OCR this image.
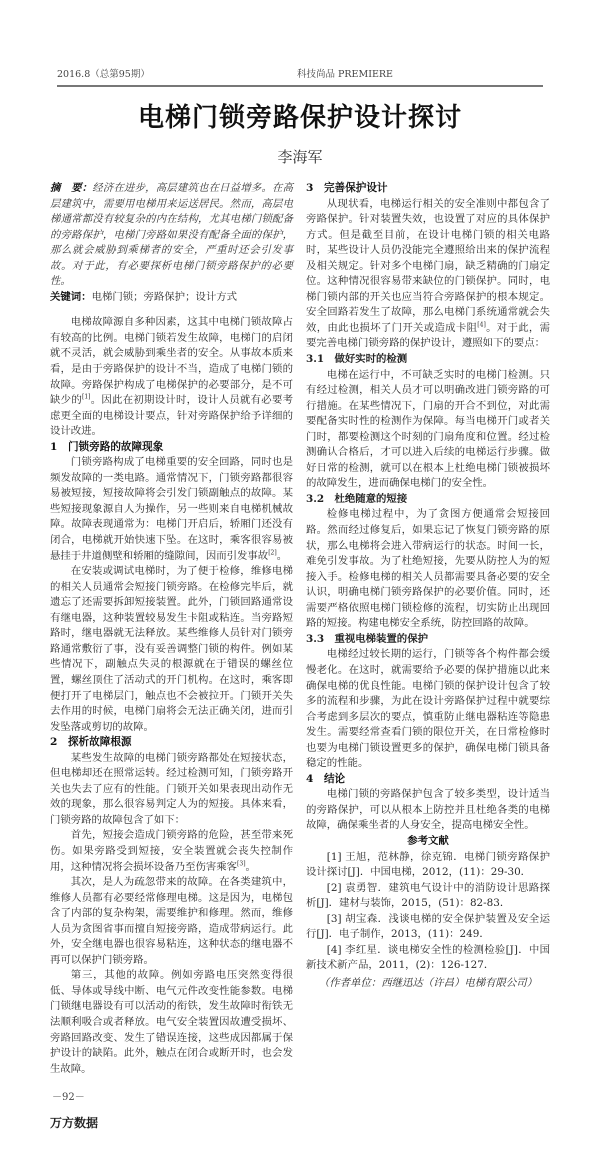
2016.8（总第95期）	科技尚品 PREMIERE
电梯门锁旁路保护设计探讨
李海军

摘　要：经济在进步，高层建筑也在日益增多。在高层建筑中，需要用电梯用来运送居民。然而，高层电梯通常都没有较复杂的内在结构，尤其电梯门锁配备的旁路保护，电梯门旁路如果没有配备全面的保护，那么就会威胁到乘梯者的安全，严重时还会引发事故。对于此，有必要探析电梯门锁旁路保护的必要性。

关键词：电梯门锁；旁路保护；设计方式

电梯故障源自多种因素，这其中电梯门锁故障占有较高的比例。电梯门锁若发生故障，电梯门的启闭就不灵活，就会威胁到乘坐者的安全。从事故本质来看，是由于旁路保护的设计不当，造成了电梯门锁的故障。旁路保护构成了电梯保护的必要部分，是不可缺少的[1]。因此在初期设计时，设计人员就有必要考虑更全面的电梯设计要点，针对旁路保护给予详细的设计改进。

1　门锁旁路的故障现象

门锁旁路构成了电梯重要的安全回路，同时也是频发故障的一类电路。通常情况下，门锁旁路都很容易被短接，短接故障将会引发门锁副触点的故障。某些短接现象源自人为操作，另一些则来自电梯机械故障。故障表现通常为：电梯门开启后，轿厢门还没有闭合，电梯就开始快速下坠。在这时，乘客很容易被悬挂于井道侧壁和轿厢的缝隙间，因而引发事故[2]。

在安装或调试电梯时，为了便于检修，维修电梯的相关人员通常会短接门锁旁路。在检修完毕后，就遗忘了还需要拆卸短接装置。此外，门锁回路通常设有继电器，这种装置较易发生卡阻或粘连。当旁路短路时，继电器就无法释放。某些维修人员针对门锁旁路通常敷衍了事，没有妥善调整门锁的构件。例如某些情况下，副触点失灵的根源就在于错误的螺丝位置，螺丝顶住了活动式的开门机构。在这时，乘客即便打开了电梯层门，触点也不会被拉开。门锁开关失去作用的时候，电梯门扇将会无法正确关闭，进而引发坠落或剪切的故障。

2　探析故障根源

某些发生故障的电梯门锁旁路都处在短接状态，但电梯却还在照常运转。经过检测可知，门锁旁路开关也失去了应有的性能。门锁开关如果表现出动作无效的现象，那么很容易判定人为的短接。具体来看，门锁旁路的故障包含了如下：

首先，短接会造成门锁旁路的危险，甚至带来死伤。如果旁路受到短接，安全装置就会丧失控制作用，这种情况将会损坏设备乃至伤害乘客[3]。

其次，是人为疏忽带来的故障。在各类建筑中，维修人员都有必要经常修理电梯。这是因为，电梯包含了内部的复杂构架，需要维护和修理。然而，维修人员为贪图省事而擅自短接旁路，造成带病运行。此外，安全继电器也很容易粘连，这种状态的继电器不再可以保护门锁旁路。

第三，其他的故障。例如旁路电压突然变得很低、导体或导线中断、电气元件改变性能参数。电梯门锁继电器设有可以活动的衔铁，发生故障时衔铁无法顺利吸合或者释放。电气安全装置因故遭受损坏、旁路回路改变、发生了错误连接，这些成因都属于保护设计的缺陷。此外，触点在闭合或断开时，也会发生故障。

3　完善保护设计

从现状看，电梯运行相关的安全准则中都包含了旁路保护。针对装置失效，也设置了对应的具体保护方式。但是截至目前，在设计电梯门锁的相关电路时，某些设计人员仍没能完全遵照给出来的保护流程及相关规定。针对多个电梯门扇，缺乏精确的门扇定位。这种情况很容易带来缺位的门锁保护。同时，电梯门锁内部的开关也应当符合旁路保护的根本规定。安全回路若发生了故障，那么电梯门系统通常就会失效，由此也损坏了门开关或造成卡阻[4]。对于此，需要完善电梯门锁旁路的保护设计，遵照如下的要点：

3.1　做好实时的检测

电梯在运行中，不可缺乏实时的电梯门检测。只有经过检测，相关人员才可以明确改进门锁旁路的可行措施。在某些情况下，门扇的开合不到位，对此需要配备实时性的检测作为保障。每当电梯开门或者关门时，都要检测这个时刻的门扇角度和位置。经过检测确认合格后，才可以进入后续的电梯运行步骤。做好日常的检测，就可以在根本上杜绝电梯门锁被损坏的故障发生，进而确保电梯门的安全性。

3.2　杜绝随意的短接

检修电梯过程中，为了贪图方便通常会短接回路。然而经过修复后，如果忘记了恢复门锁旁路的原状，那么电梯将会进入带病运行的状态。时间一长，难免引发事故。为了杜绝短接，先要从防控人为的短接入手。检修电梯的相关人员都需要具备必要的安全认识，明确电梯门锁旁路保护的必要价值。同时，还需要严格依照电梯门锁检修的流程，切实防止出现回路的短接。构建电梯安全系统，防控回路的故障。

3.3　重视电梯装置的保护

电梯经过较长期的运行，门锁等各个构件都会缓慢老化。在这时，就需要给予必要的保护措施以此来确保电梯的优良性能。电梯门锁的保护设计包含了较多的流程和步骤，为此在设计旁路保护过程中就要综合考虑到多层次的要点，慎重防止继电器粘连等隐患发生。需要经常查看门锁的限位开关，在日常检修时也要为电梯门锁设置更多的保护，确保电梯门锁具备稳定的性能。

4　结论

电梯门锁的旁路保护包含了较多类型，设计适当的旁路保护，可以从根本上防控并且杜绝各类的电梯故障，确保乘坐者的人身安全，提高电梯安全性。

参考文献

[1] 王旭，范林静，徐克锦．电梯门锁旁路保护设计探讨[J]．中国电梯，2012，(11)：29-30．

[2] 袁勇智．建筑电气设计中的消防设计思路探析[J]．建材与装饰，2015，(51)：82-83．

[3] 胡宝森．浅谈电梯的安全保护装置及安全运行[J]．电子制作，2013，(11)：249．

[4] 李红星．谈电梯安全性的检测检验[J]．中国新技术新产品，2011，(2)：126-127．

（作者单位：西继迅达（许昌）电梯有限公司）

－92－
万方数据
